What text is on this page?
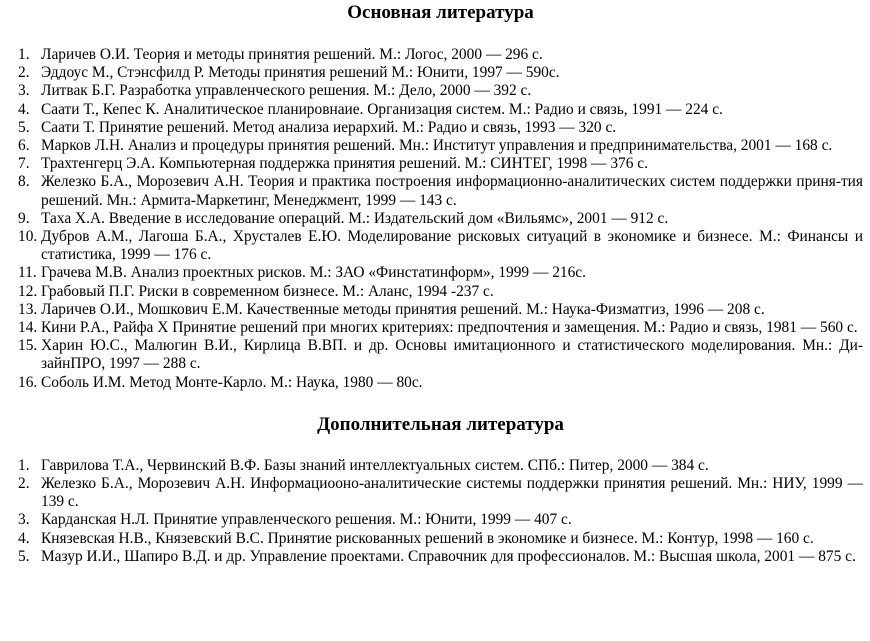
Основная литература
1. Ларичев О.И. Теория и методы принятия решений. М.: Логос, 2000 — 296 с.
2. Эддоус М., Стэнсфилд Р. Методы принятия решений М.: Юнити, 1997 — 590с.
3. Литвак Б.Г. Разработка управленческого решения. М.: Дело, 2000 — 392 с.
4. Саати Т., Кепес К. Аналитическое планировнаие. Организация систем. М.: Радио и связь, 1991 — 224 с.
5. Саати Т. Принятие решений. Метод анализа иерархий. М.: Радио и связь, 1993 — 320 с.
6. Марков Л.Н. Анализ и процедуры принятия решений. Мн.: Институт управления и предпринимательства, 2001 — 168 с.
7. Трахтенгерц Э.А. Компьютерная поддержка принятия решений. М.: СИНТЕГ, 1998 — 376 с.
8. Железко Б.А., Морозевич А.Н. Теория и практика построения информационно-аналитических систем поддержки приня-тия решений. Мн.: Армита-Маркетинг, Менеджмент, 1999 — 143 с.
9. Таха Х.А. Введение в исследование операций. М.: Издательский дом «Вильямс», 2001 — 912 с.
10. Дубров А.М., Лагоша Б.А., Хрусталев Е.Ю. Моделирование рисковых ситуаций в экономике и бизнесе. М.: Финансы и статистика, 1999 — 176 с.
11. Грачева М.В. Анализ проектных рисков. М.: ЗАО «Финстатинформ», 1999 — 216с.
12. Грабовый П.Г. Риски в современном бизнесе. М.: Аланс, 1994 -237 с.
13. Ларичев О.И., Мошкович Е.М. Качественные методы принятия решений. М.: Наука-Физматгиз, 1996 — 208 с.
14. Кини Р.А., Райфа Х Принятие решений при многих критериях: предпочтения и замещения. М.: Радио и связь, 1981 — 560 с.
15. Харин Ю.С., Малюгин В.И., Кирлица В.ВП. и др. Основы имитационного и статистического моделирования. Мн.: Ди-зайнПРО, 1997 — 288 с.
16. Соболь И.М. Метод Монте-Карло. М.: Наука, 1980 — 80с.
Дополнительная литература
1. Гаврилова Т.А., Червинский В.Ф. Базы знаний интеллектуальных систем. СПб.: Питер, 2000 — 384 с.
2. Железко Б.А., Морозевич А.Н. Информациооно-аналитические системы поддержки принятия решений. Мн.: НИУ, 1999 — 139 с.
3. Карданская Н.Л. Принятие управленческого решения. М.: Юнити, 1999 — 407 с.
4. Князевская Н.В., Князевский В.С. Принятие рискованных решений в экономике и бизнесе. М.: Контур, 1998 — 160 с.
5. Мазур И.И., Шапиро В.Д. и др. Управление проектами. Справочник для профессионалов. М.: Высшая школа, 2001 — 875 с.
